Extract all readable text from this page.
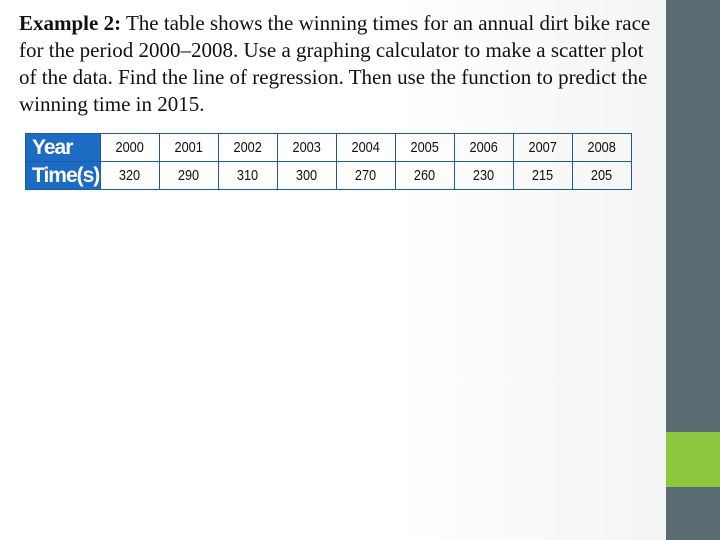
Example 2: The table shows the winning times for an annual dirt bike race for the period 2000–2008. Use a graphing calculator to make a scatter plot of the data. Find the line of regression. Then use the function to predict the winning time in 2015.
Year	2000	2001	2002	2003	2004	2005	2006	2007	2008
Time(s)	320	290	310	300	270	260	230	215	205
